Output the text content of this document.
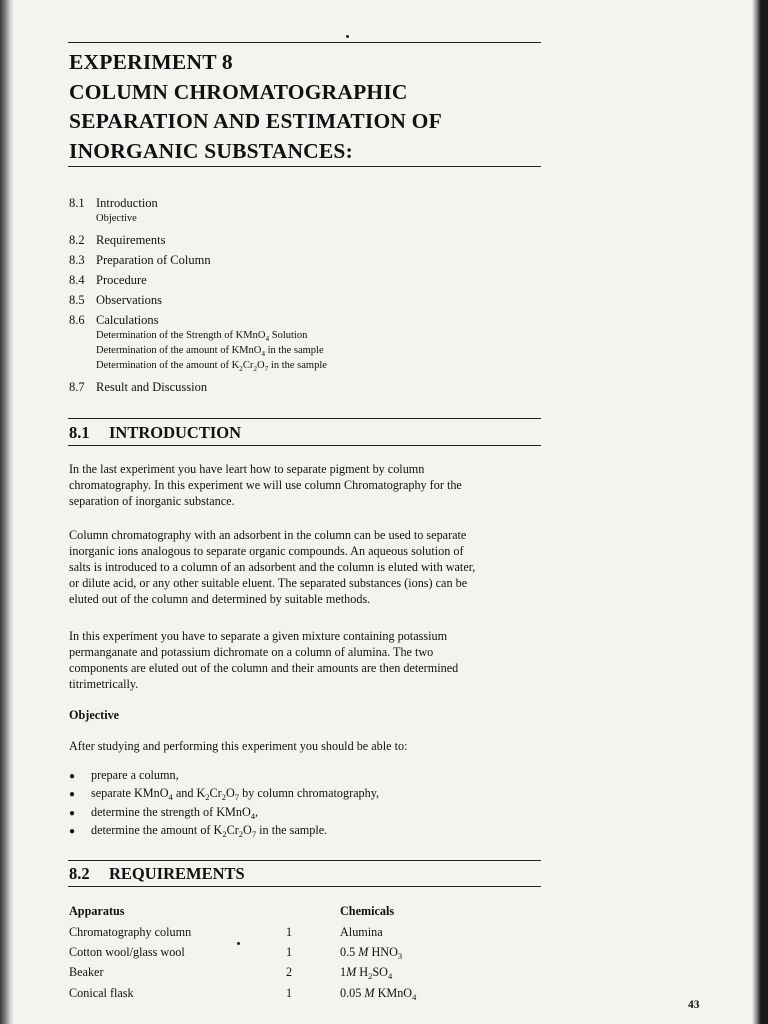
EXPERIMENT 8
COLUMN CHROMATOGRAPHIC
SEPARATION AND ESTIMATION OF
INORGANIC SUBSTANCES:
8.1 Introduction
Objective
8.2 Requirements
8.3 Preparation of Column
8.4 Procedure
8.5 Observations
8.6 Calculations
Determination of the Strength of KMnO$_4$ Solution
Determination of the amount of KMnO$_4$ in the sample
Determination of the amount of $K_2Cr_2O_7$ in the sample
8.7 Result and Discussion
8.1 INTRODUCTION
In the last experiment you have leart how to separate pigment by column
chromatography. In this experiment we will use column Chromatography for the
separation of inorganic substance.
Column chromatography with an adsorbent in the column can be used to separate
inorganic ions analogous to separate organic compounds. An aqueous solution of
salts is introduced to a column of an adsorbent and the column is eluted with water,
or dilute acid, or any other suitable eluent. The separated substances (ions) can be
eluted out of the column and determined by suitable methods.
In this experiment you have to separate a given mixture containing potassium
permanganate and potassium dichromate on a column of alumina. The two
components are eluted out of the column and their amounts are then determined
titrimetrically.
Objective
After studying and performing this experiment you should be able to:
● prepare a column,
● separate KMnO$_4$ and $K_2Cr_2O_7$ by column chromatography,
● determine the strength of KMnO$_4$,
● determine the amount of $K_2Cr_2O_7$ in the sample.
8.2 REQUIREMENTS
Apparatus	Chemicals
Chromatography column	1	Alumina
Cotton wool/glass wool	1	0.5 M $HNO_3$
Beaker	2	1M $H_2SO_4$
Conical flask	1	0.05 M KMnO$_4$
43
